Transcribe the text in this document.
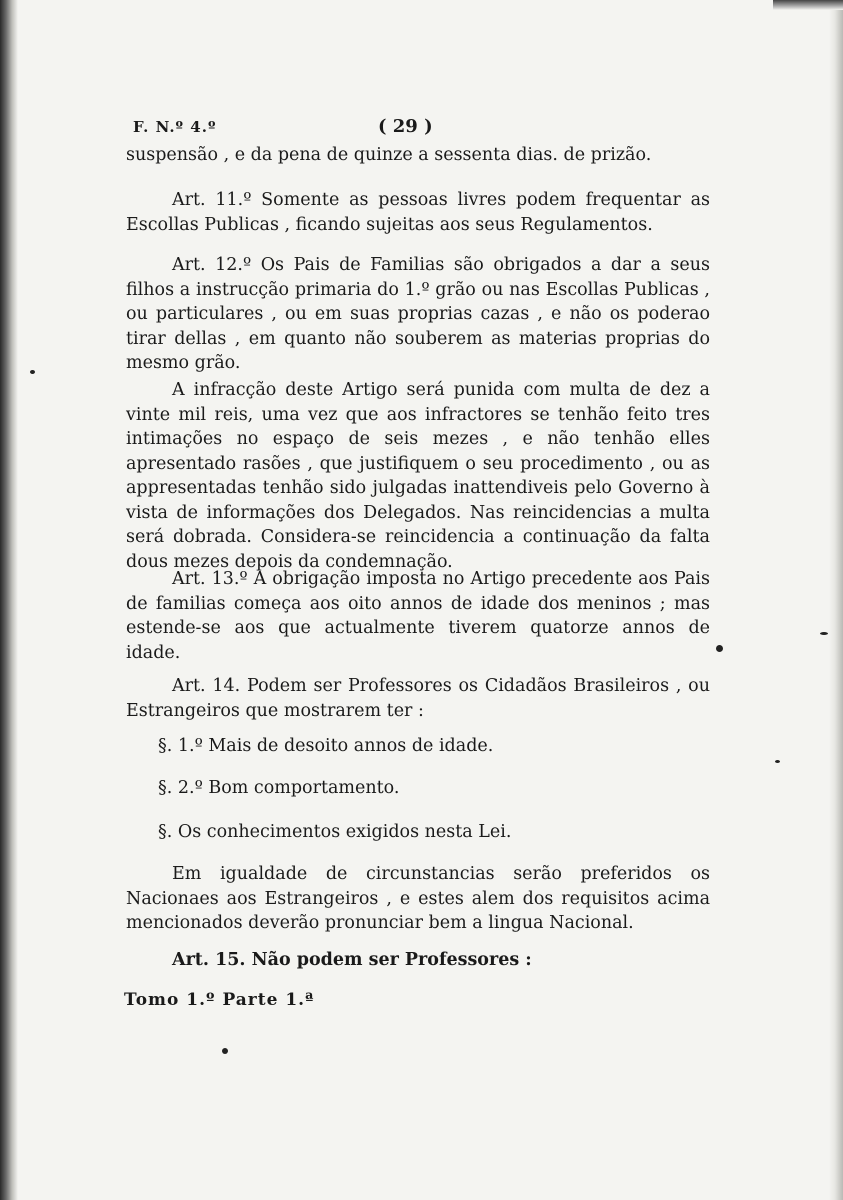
F. N.º 4.º	( 29 )
suspensão , e da pena de quinze a sessenta dias. de prizão.
Art. 11.º Somente as pessoas livres podem frequentar as Escollas Publicas , ficando sujeitas aos seus Regulamentos.
Art. 12.º Os Pais de Familias são obrigados a dar a seus filhos a instrucção primaria do 1.º grão ou nas Escollas Publicas , ou particulares , ou em suas proprias cazas , e não os poderao tirar dellas , em quanto não souberem as materias proprias do mesmo grão.
A infracção deste Artigo será punida com multa de dez a vinte mil reis, uma vez que aos infractores se tenhão feito tres intimações no espaço de seis mezes , e não tenhão elles apresentado rasões , que justifiquem o seu procedimento , ou as appresentadas tenhão sido julgadas inattendiveis pelo Governo à vista de informações dos Delegados. Nas reincidencias a multa será dobrada. Considera-se reincidencia a continuação da falta dous mezes depois da condemnação.
Art. 13.º A obrigação imposta no Artigo precedente aos Pais de familias começa aos oito annos de idade dos meninos ; mas estende-se aos que actualmente tiverem quatorze annos de idade.
Art. 14. Podem ser Professores os Cidadãos Brasileiros , ou Estrangeiros que mostrarem ter :
§. 1.º Mais de desoito annos de idade.
§. 2.º Bom comportamento.
§. Os conhecimentos exigidos nesta Lei.
Em igualdade de circunstancias serão preferidos os Nacionaes aos Estrangeiros , e estes alem dos requisitos acima mencionados deverão pronunciar bem a lingua Nacional.
Art. 15. Não podem ser Professores :
Tomo 1.º Parte 1.ª
